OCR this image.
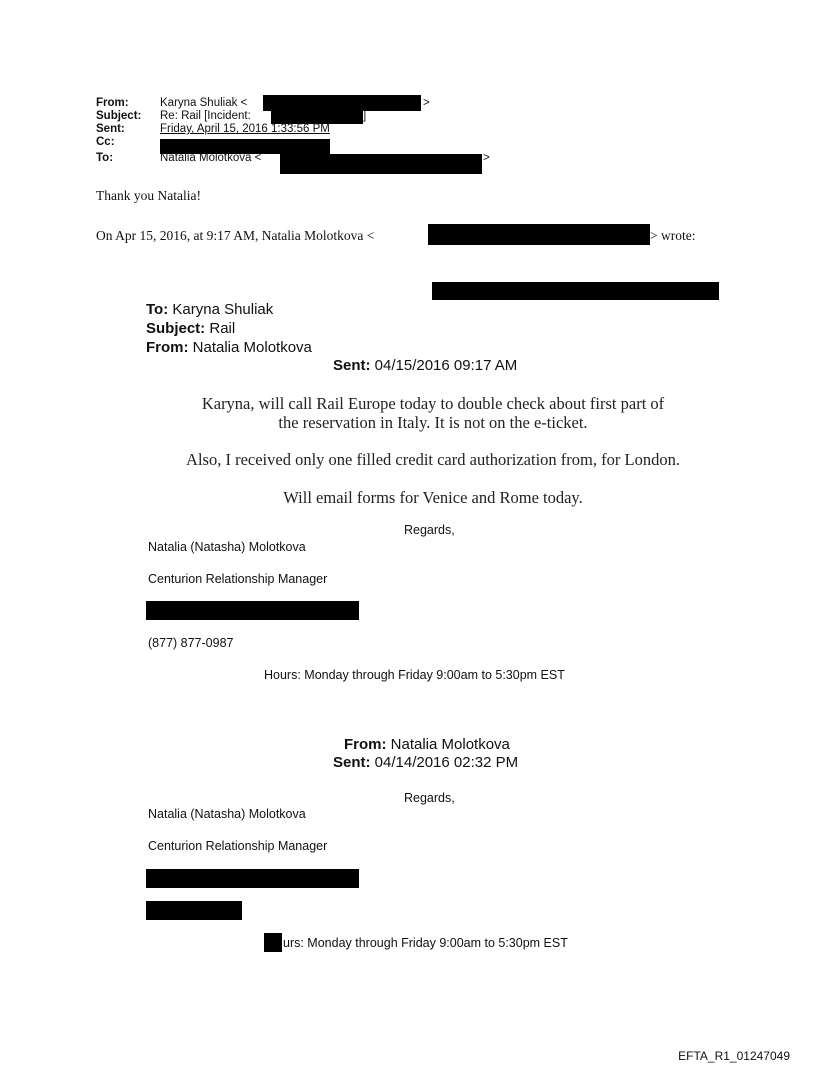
From:	Karyna Shuliak <	>
Subject: Re: Rail [Incident:	]
Sent:	Friday, April 15, 2016 1:33:56 PM
Cc:
To:	Natalia Molotkova <	>
Thank you Natalia!
On Apr 15, 2016, at 9:17 AM, Natalia Molotkova <	> wrote:
To: Karyna Shuliak
Subject: Rail
From: Natalia Molotkova
Sent: 04/15/2016 09:17 AM
Karyna, will call Rail Europe today to double check about first part of
the reservation in Italy. It is not on the e-ticket.
Also, I received only one filled credit card authorization from, for London.
Will email forms for Venice and Rome today.
Regards,
Natalia (Natasha) Molotkova
Centurion Relationship Manager
(877) 877-0987
Hours: Monday through Friday 9:00am to 5:30pm EST
From: Natalia Molotkova
Sent: 04/14/2016 02:32 PM
Regards,
Natalia (Natasha) Molotkova
Centurion Relationship Manager
urs: Monday through Friday 9:00am to 5:30pm EST
EFTA_R1_01247049
